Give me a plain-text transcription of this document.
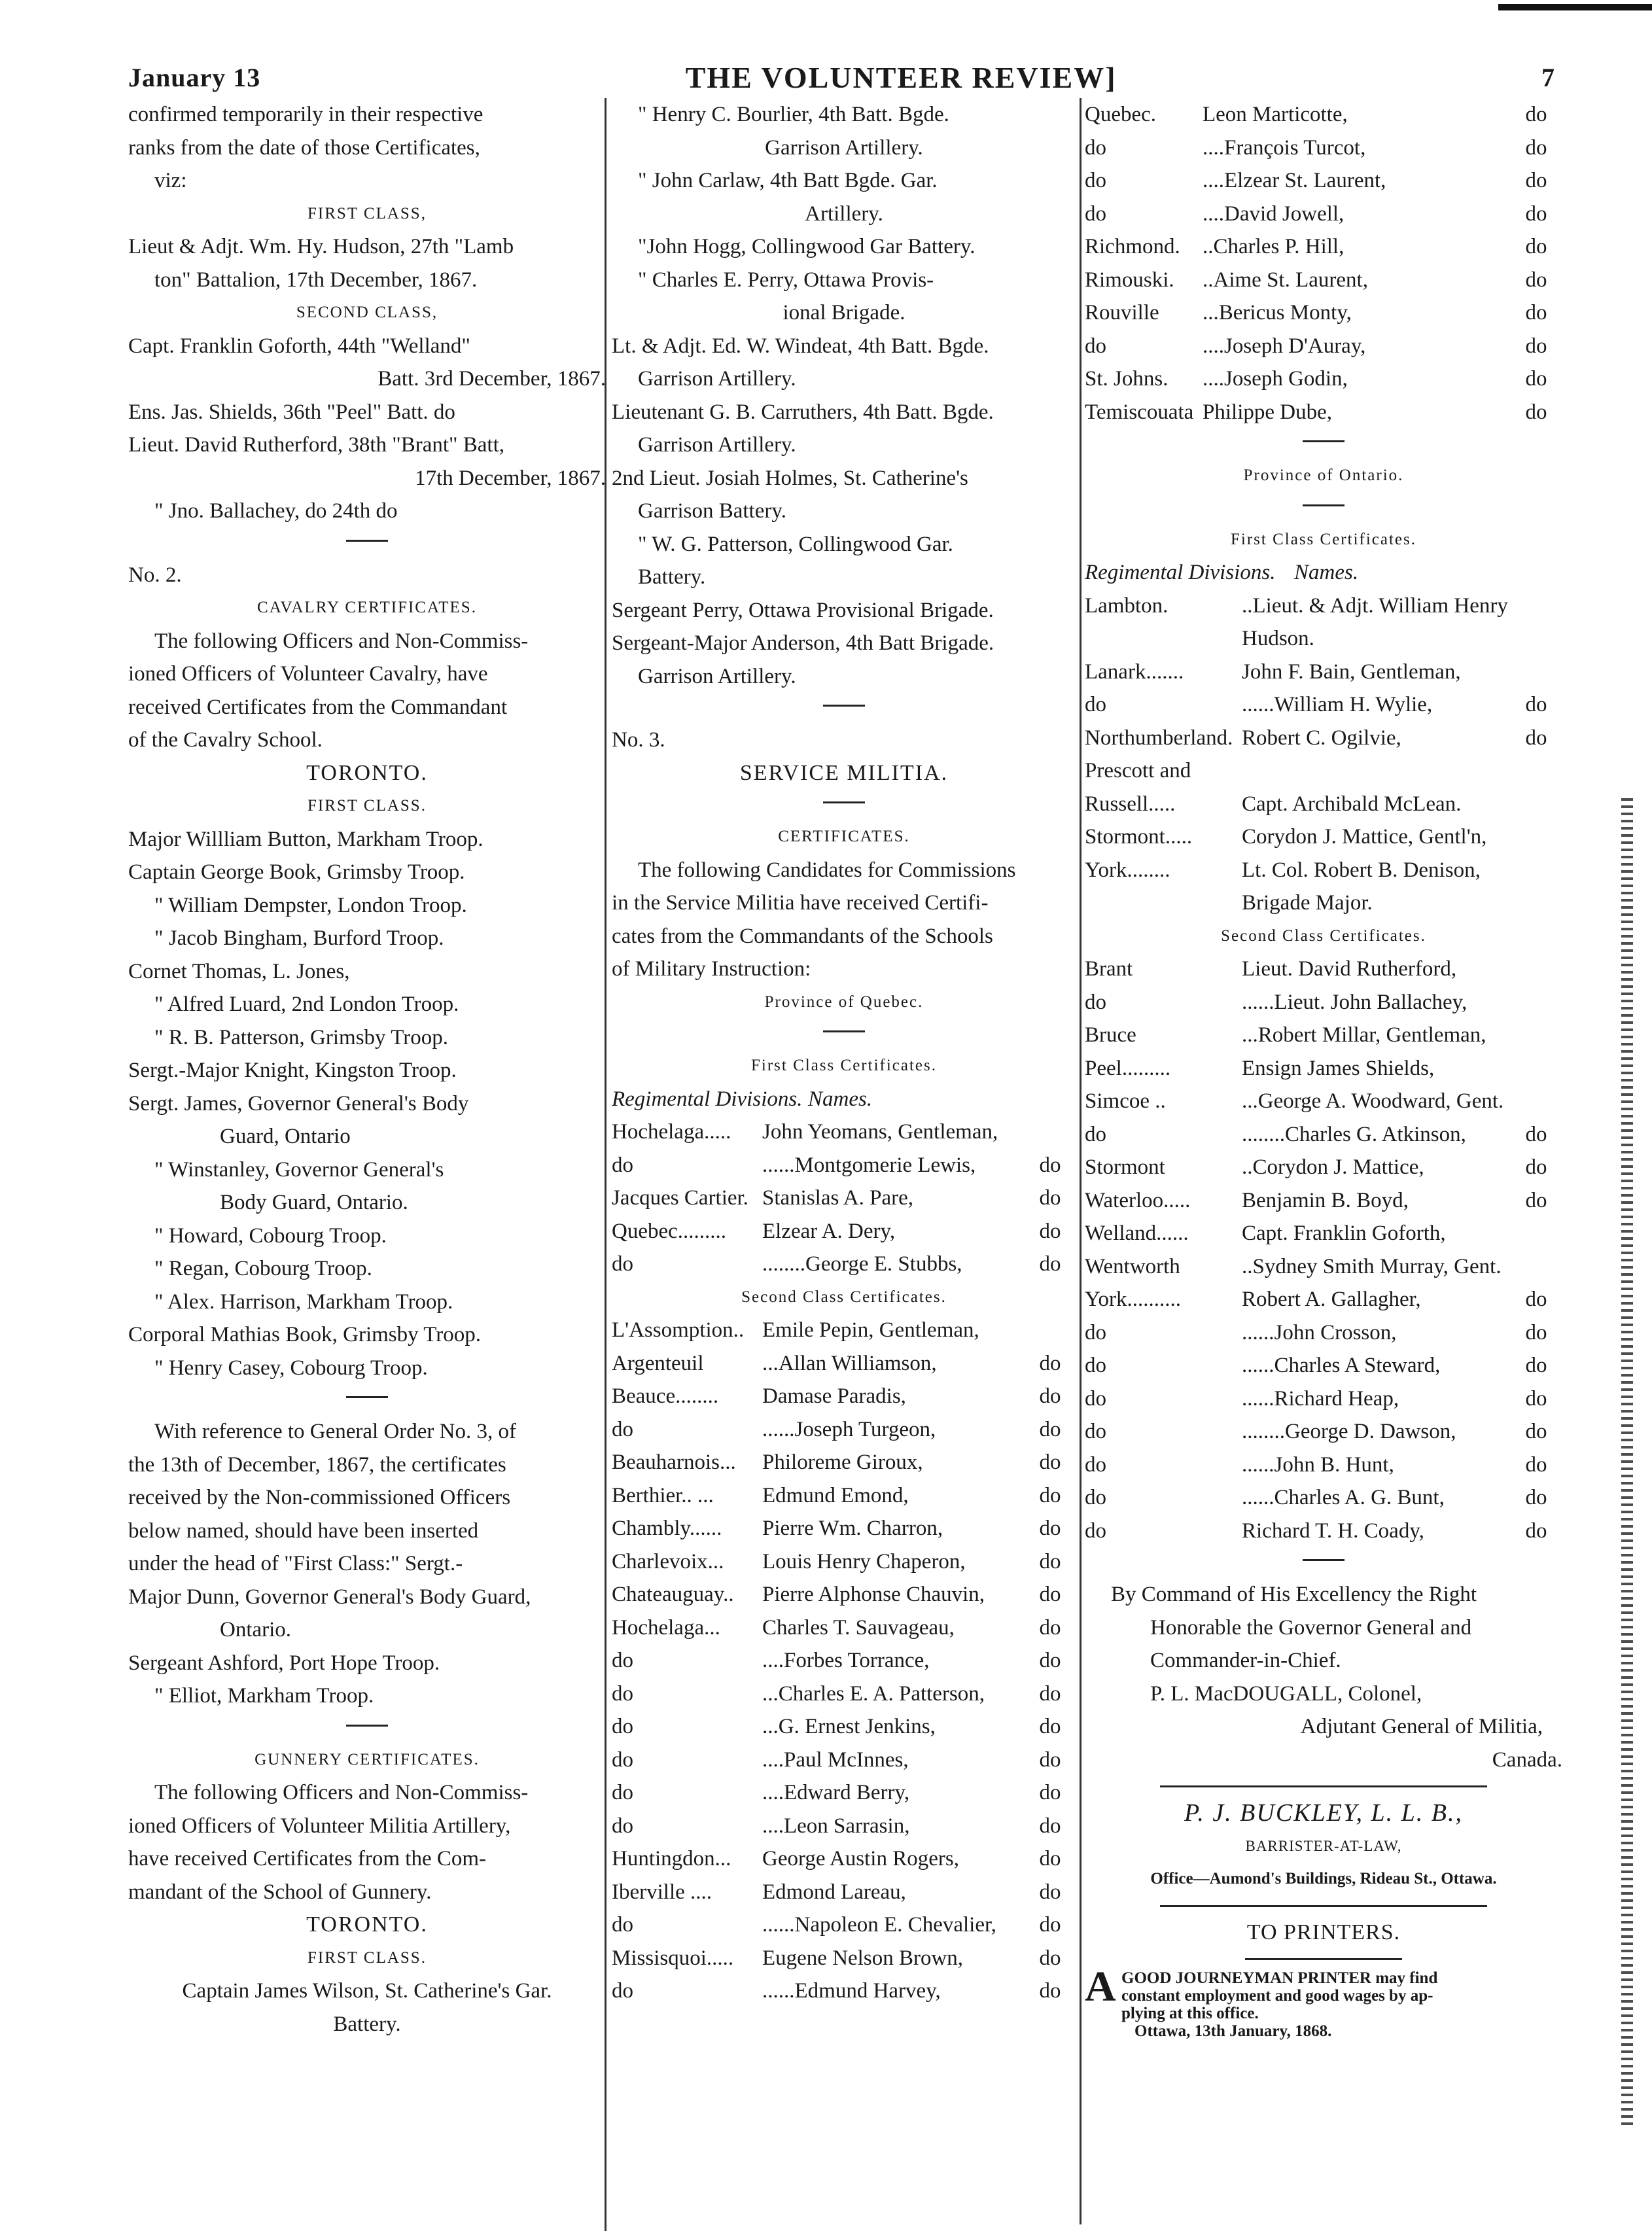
January 13	THE VOLUNTEER REVIEW]	7

confirmed temporarily in their respective

ranks from the date of those Certificates,

viz:

FIRST CLASS,

Lieut & Adjt. Wm. Hy. Hudson, 27th "Lamb

ton" Battalion, 17th December, 1867.

SECOND CLASS,

Capt. Franklin Goforth, 44th "Welland"

Batt. 3rd December, 1867.

Ens. Jas. Shields, 36th "Peel" Batt. do

Lieut. David Rutherford, 38th "Brant" Batt,

17th December, 1867.

" Jno. Ballachey, do 24th do

No. 2.

CAVALRY CERTIFICATES.

The following Officers and Non-Commiss-

ioned Officers of Volunteer Cavalry, have

received Certificates from the Commandant

of the Cavalry School.

TORONTO.

FIRST CLASS.

Major Willliam Button, Markham Troop.

Captain George Book, Grimsby Troop.

" William Dempster, London Troop.

" Jacob Bingham, Burford Troop.

Cornet Thomas, L. Jones,

" Alfred Luard, 2nd London Troop.

" R. B. Patterson, Grimsby Troop.

Sergt.-Major Knight, Kingston Troop.

Sergt. James, Governor General's Body

Guard, Ontario

" Winstanley, Governor General's

Body Guard, Ontario.

" Howard, Cobourg Troop.

" Regan, Cobourg Troop.

" Alex. Harrison, Markham Troop.

Corporal Mathias Book, Grimsby Troop.

" Henry Casey, Cobourg Troop.

With reference to General Order No. 3, of

the 13th of December, 1867, the certificates

received by the Non-commissioned Officers

below named, should have been inserted

under the head of "First Class:" Sergt.-

Major Dunn, Governor General's Body Guard,

Ontario.

Sergeant Ashford, Port Hope Troop.

" Elliot, Markham Troop.

GUNNERY CERTIFICATES.

The following Officers and Non-Commiss-

ioned Officers of Volunteer Militia Artillery,

have received Certificates from the Com-

mandant of the School of Gunnery.

TORONTO.

FIRST CLASS.

Captain James Wilson, St. Catherine's Gar.

Battery.

" Henry C. Bourlier, 4th Batt. Bgde.

Garrison Artillery.

" John Carlaw, 4th Batt Bgde. Gar.

Artillery.

"John Hogg, Collingwood Gar Battery.

" Charles E. Perry, Ottawa Provis-

ional Brigade.

Lt. & Adjt. Ed. W. Windeat, 4th Batt. Bgde.

Garrison Artillery.

Lieutenant G. B. Carruthers, 4th Batt. Bgde.

Garrison Artillery.

2nd Lieut. Josiah Holmes, St. Catherine's

Garrison Battery.

" W. G. Patterson, Collingwood Gar.

Battery.

Sergeant Perry, Ottawa Provisional Brigade.

Sergeant-Major Anderson, 4th Batt Brigade.

Garrison Artillery.

No. 3.

SERVICE MILITIA.

CERTIFICATES.

The following Candidates for Commissions

in the Service Militia have received Certifi-

cates from the Commandants of the Schools

of Military Instruction:

Province of Quebec.

First Class Certificates.

Regimental Divisions. Names.
Hochelaga.....	John Yeomans, Gentleman,
do	......Montgomerie Lewis,	do
Jacques Cartier. Stanislas A. Pare,	do
Quebec.........	Elzear A. Dery,	do
do	........George E. Stubbs,	do

Second Class Certificates.

L'Assomption.. Emile Pepin, Gentleman,
Argenteuil	...Allan Williamson,	do
Beauce........	Damase Paradis,	do
do	......Joseph Turgeon,	do
Beauharnois...	Philoreme Giroux,	do
Berthier.. ...	Edmund Emond,	do
Chambly......	Pierre Wm. Charron,	do
Charlevoix...	Louis Henry Chaperon,	do
Chateauguay..	Pierre Alphonse Chauvin,	do
Hochelaga...	Charles T. Sauvageau,	do
do	....Forbes Torrance,	do
do	...Charles E. A. Patterson,	do
do	...G. Ernest Jenkins,	do
do	....Paul McInnes,	do
do	....Edward Berry,	do
do	....Leon Sarrasin,	do
Huntingdon...	George Austin Rogers,	do
Iberville ....	Edmond Lareau,	do
do	......Napoleon E. Chevalier,	do
Missisquoi.....	Eugene Nelson Brown,	do
do	......Edmund Harvey,	do
Quebec.	Leon Marticotte,	do
do	....François Turcot,	do
do	....Elzear St. Laurent,	do
do	....David Jowell,	do
Richmond.	..Charles P. Hill,	do
Rimouski.	..Aime St. Laurent,	do
Rouville	...Bericus Monty,	do
do	....Joseph D'Auray,	do
St. Johns.	....Joseph Godin,	do
Temiscouata Philippe Dube,	do

Province of Ontario.

First Class Certificates.

Regimental Divisions. Names.
Lambton.	..Lieut. & Adjt. William Henry
Hudson.
Lanark.......	John F. Bain, Gentleman,
do	......William H. Wylie,	do
Northumberland. Robert C. Ogilvie,	do
Prescott and
Russell.....	Capt. Archibald McLean.
Stormont.....	Corydon J. Mattice, Gentl'n,
York........	Lt. Col. Robert B. Denison,
Brigade Major.

Second Class Certificates.

Brant	Lieut. David Rutherford,
do	......Lieut. John Ballachey,
Bruce	...Robert Millar, Gentleman,
Peel.........	Ensign James Shields,
Simcoe ..	...George A. Woodward, Gent.
do	........Charles G. Atkinson,	do
Stormont	..Corydon J. Mattice,	do
Waterloo.....	Benjamin B. Boyd,	do
Welland......	Capt. Franklin Goforth,
Wentworth	..Sydney Smith Murray, Gent.
York..........	Robert A. Gallagher,	do
do	......John Crosson,	do
do	......Charles A Steward,	do
do	......Richard Heap,	do
do	........George D. Dawson,	do
do	......John B. Hunt,	do
do	......Charles A. G. Bunt,	do
do	Richard T. H. Coady,	do

By Command of His Excellency the Right

Honorable the Governor General and

Commander-in-Chief.

P. L. MacDOUGALL, Colonel,

Adjutant General of Militia,

Canada.

P. J. BUCKLEY, L. L. B.,

BARRISTER-AT-LAW,

Office—Aumond's Buildings, Rideau St., Ottawa.

TO PRINTERS.

A GOOD JOURNEYMAN PRINTER may find
constant employment and good wages by ap-
plying at this office.
Ottawa, 13th January, 1868.
